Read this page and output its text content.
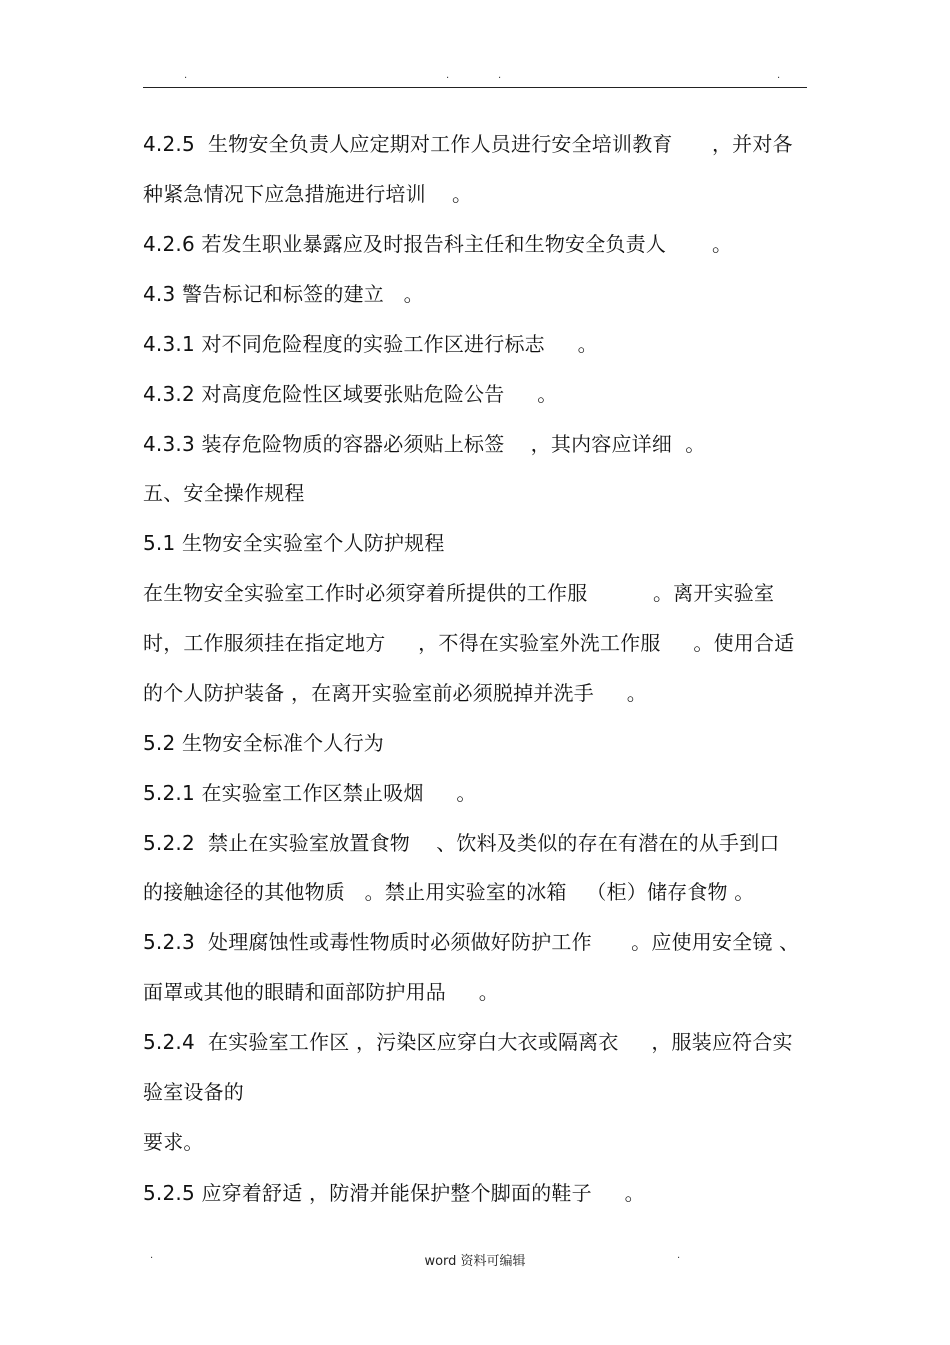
.	.	.	.
4.2.5  生物安全负责人应定期对工作人员进行安全培训教育      ，并对各
种紧急情况下应急措施进行培训    。
4.2.6 若发生职业暴露应及时报告科主任和生物安全负责人       。
4.3 警告标记和标签的建立   。
4.3.1 对不同危险程度的实验工作区进行标志     。
4.3.2 对高度危险性区域要张贴危险公告     。
4.3.3 装存危险物质的容器必须贴上标签    ，其内容应详细  。
五、安全操作规程
5.1 生物安全实验室个人防护规程
在生物安全实验室工作时必须穿着所提供的工作服          。离开实验室
时，工作服须挂在指定地方     ，不得在实验室外洗工作服     。使用合适
的个人防护装备 ，在离开实验室前必须脱掉并洗手     。
5.2 生物安全标准个人行为
5.2.1 在实验室工作区禁止吸烟     。
5.2.2  禁止在实验室放置食物    、饮料及类似的存在有潜在的从手到口
的接触途径的其他物质   。禁止用实验室的冰箱   （柜）储存食物 。
5.2.3  处理腐蚀性或毒性物质时必须做好防护工作      。应使用安全镜 、
面罩或其他的眼睛和面部防护用品     。
5.2.4  在实验室工作区 ，污染区应穿白大衣或隔离衣     ，服装应符合实
验室设备的
要求。
5.2.5 应穿着舒适 ，防滑并能保护整个脚面的鞋子     。
.	word 资料可编辑	.
